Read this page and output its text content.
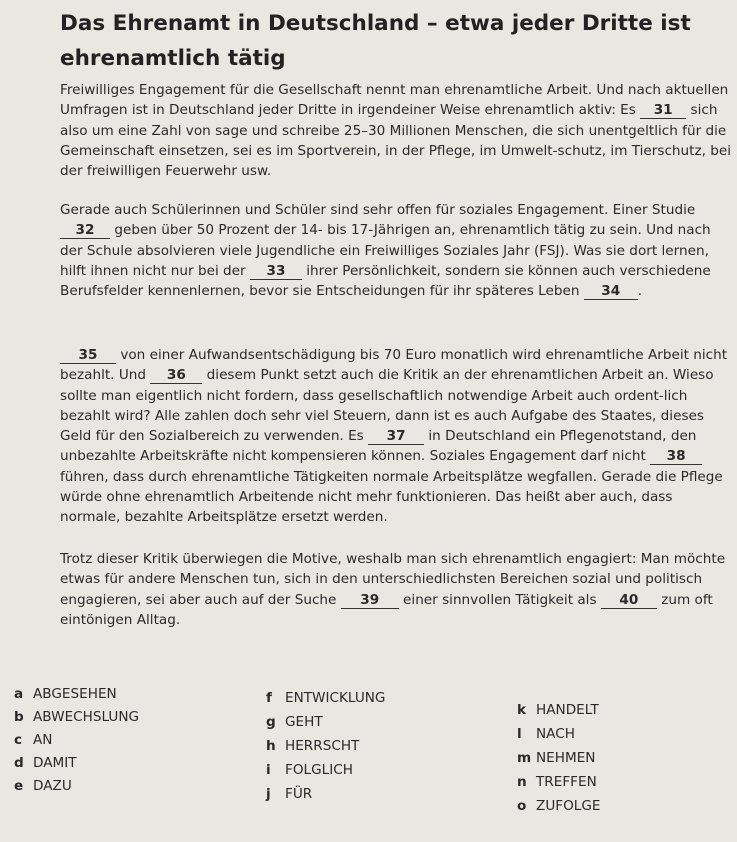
Das Ehrenamt in Deutschland – etwa jeder Dritte ist ehrenamtlich tätig

Freiwilliges Engagement für die Gesellschaft nennt man ehrenamtliche Arbeit. Und nach aktuellen Umfragen ist in Deutschland jeder Dritte in irgendeiner Weise ehrenamtlich aktiv: Es 31 sich also um eine Zahl von sage und schreibe 25–30 Millionen Menschen, die sich unentgeltlich für die Gemeinschaft einsetzen, sei es im Sportverein, in der Pflege, im Umwelt-schutz, im Tierschutz, bei der freiwilligen Feuerwehr usw.

Gerade auch Schülerinnen und Schüler sind sehr offen für soziales Engagement. Einer Studie 32 geben über 50 Prozent der 14- bis 17-Jährigen an, ehrenamtlich tätig zu sein. Und nach der Schule absolvieren viele Jugendliche ein Freiwilliges Soziales Jahr (FSJ). Was sie dort lernen, hilft ihnen nicht nur bei der 33 ihrer Persönlichkeit, sondern sie können auch verschiedene Berufsfelder kennenlernen, bevor sie Entscheidungen für ihr späteres Leben 34 .

35 von einer Aufwandsentschädigung bis 70 Euro monatlich wird ehrenamtliche Arbeit nicht bezahlt. Und 36 diesem Punkt setzt auch die Kritik an der ehrenamtlichen Arbeit an. Wieso sollte man eigentlich nicht fordern, dass gesellschaftlich notwendige Arbeit auch ordent-lich bezahlt wird? Alle zahlen doch sehr viel Steuern, dann ist es auch Aufgabe des Staates, dieses Geld für den Sozialbereich zu verwenden. Es 37 in Deutschland ein Pflegenotstand, den unbezahlte Arbeitskräfte nicht kompensieren können. Soziales Engagement darf nicht 38 führen, dass durch ehrenamtliche Tätigkeiten normale Arbeitsplätze wegfallen. Gerade die Pflege würde ohne ehrenamtlich Arbeitende nicht mehr funktionieren. Das heißt aber auch, dass normale, bezahlte Arbeitsplätze ersetzt werden.

Trotz dieser Kritik überwiegen die Motive, weshalb man sich ehrenamtlich engagiert: Man möchte etwas für andere Menschen tun, sich in den unterschiedlichsten Bereichen sozial und politisch engagieren, sei aber auch auf der Suche 39 einer sinnvollen Tätigkeit als 40 zum oft eintönigen Alltag.

a ABGESEHEN
b ABWECHSLUNG
c AN
d DAMIT
e DAZU
f ENTWICKLUNG
g GEHT
h HERRSCHT
i FOLGLICH
j FÜR
k HANDELT
l NACH
m NEHMEN
n TREFFEN
o ZUFOLGE
